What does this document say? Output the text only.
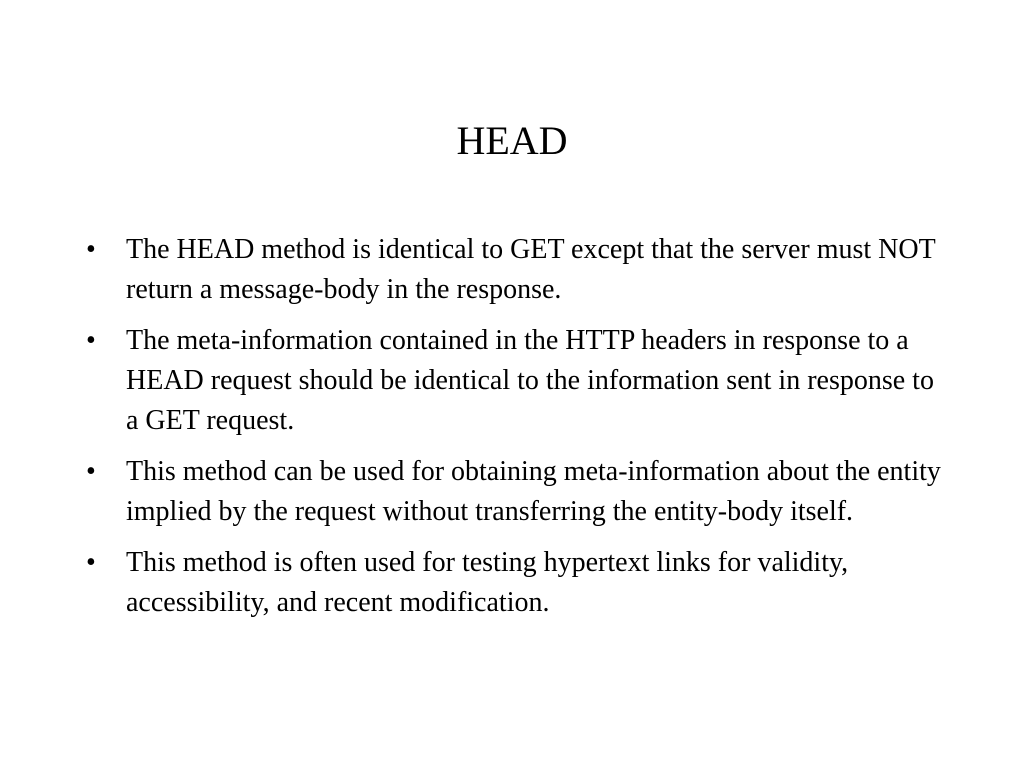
HEAD
•	The HEAD method is identical to GET except that the server must NOT return a message-body in the response.
•	The meta-information contained in the HTTP headers in response to a HEAD request should be identical to the information sent in response to a GET request.
•	This method can be used for obtaining meta-information about the entity implied by the request without transferring the entity-body itself.
•	This method is often used for testing hypertext links for validity, accessibility, and recent modification.
